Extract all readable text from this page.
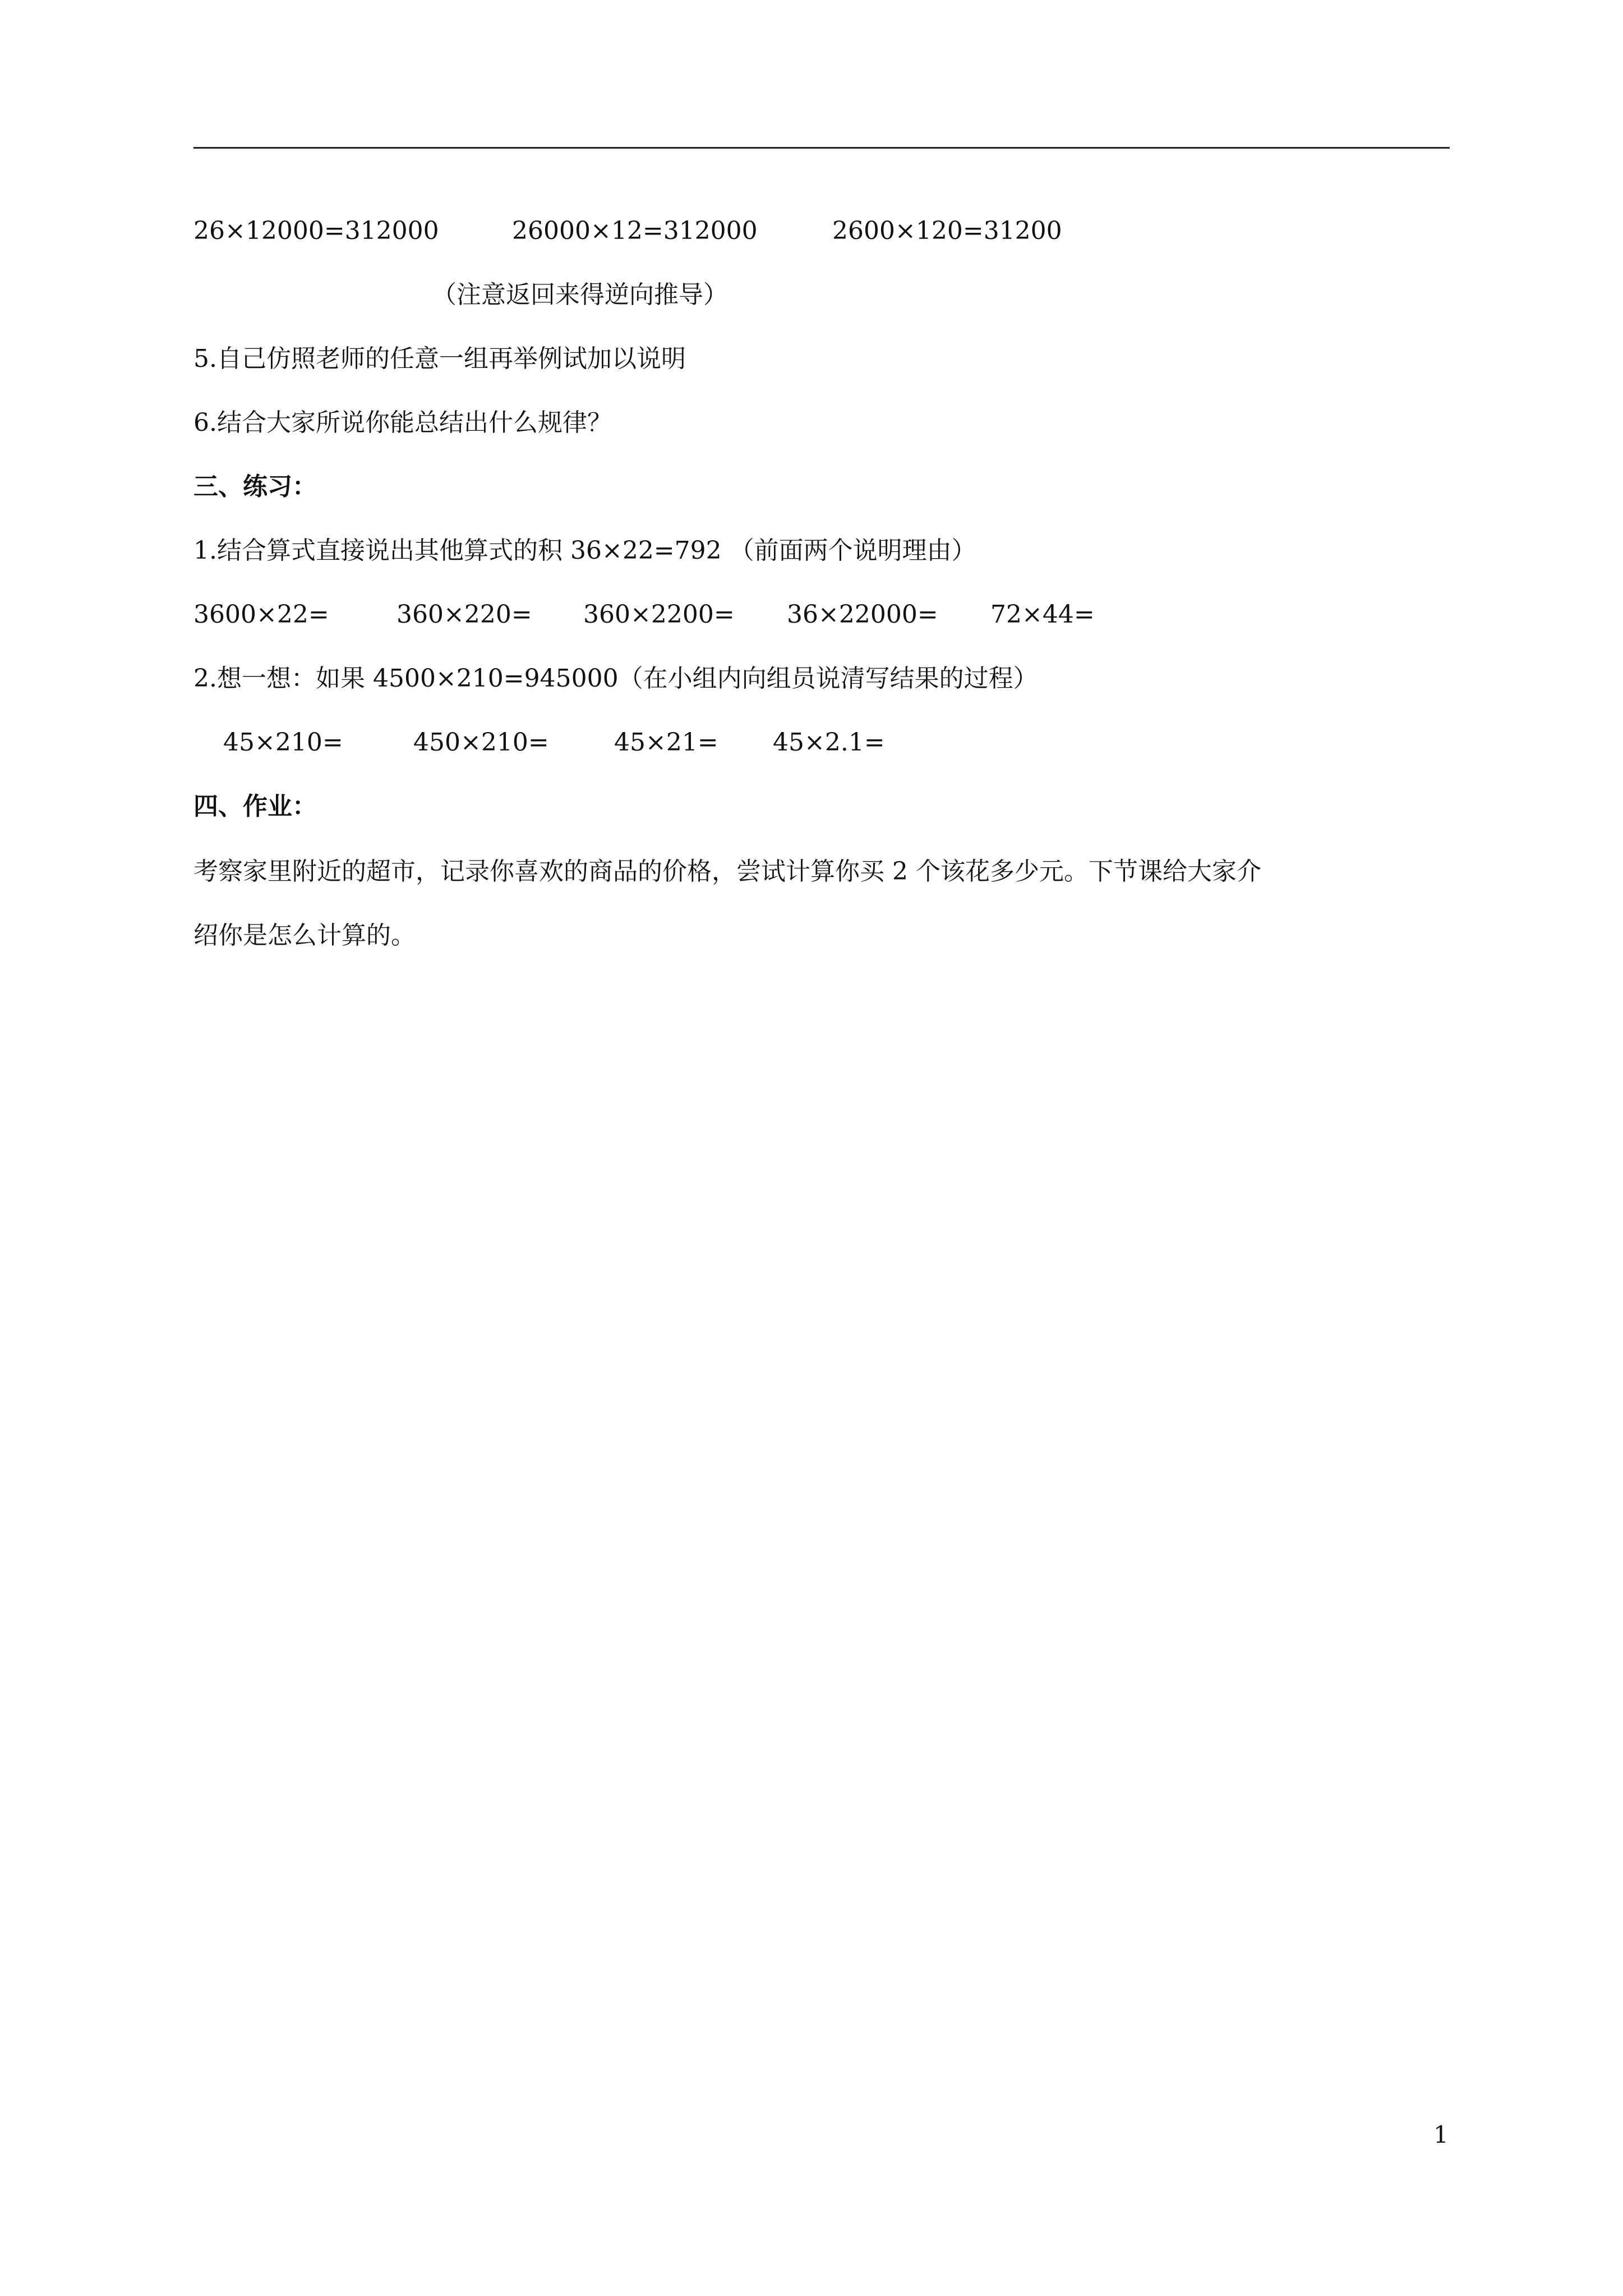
26×12000=312000	26000×12=312000	2600×120=31200
（注意返回来得逆向推导）
5.自己仿照老师的任意一组再举例试加以说明
6.结合大家所说你能总结出什么规律？
三、练习：
1.结合算式直接说出其他算式的积 36×22=792 （前面两个说明理由）
3600×22=	360×220= 360×2200= 36×22000= 72×44=
2.想一想：如果 4500×210=945000（在小组内向组员说清写结果的过程）
45×210=	450×210=	45×21= 45×2.1=
四、作业：
考察家里附近的超市，记录你喜欢的商品的价格，尝试计算你买 2 个该花多少元。下节课给大家介
绍你是怎么计算的。
1
